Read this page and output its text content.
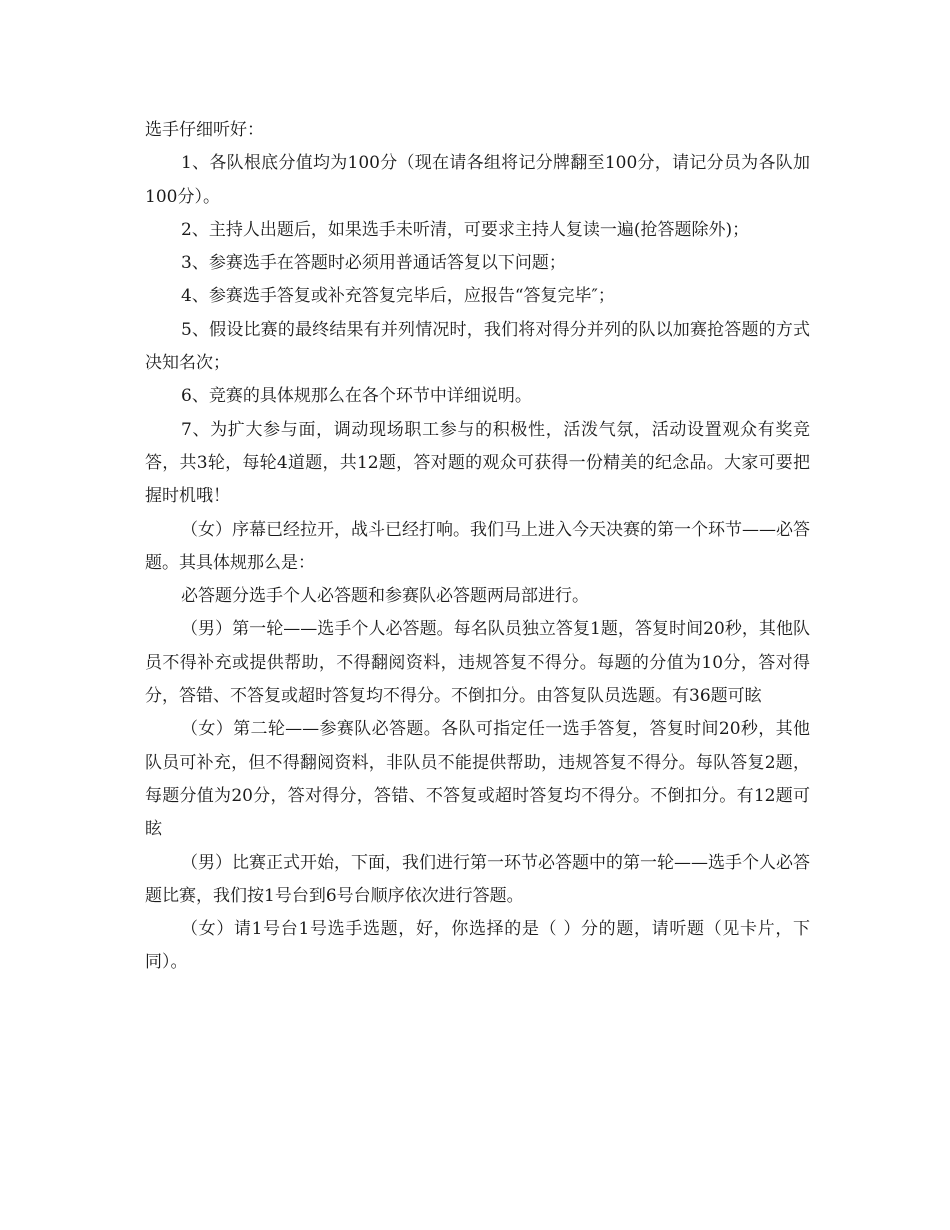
选手仔细听好：

1、各队根底分值均为100分（现在请各组将记分牌翻至100分，请记分员为各队加100分）。

2、主持人出题后，如果选手未听清，可要求主持人复读一遍(抢答题除外)；

3、参赛选手在答题时必须用普通话答复以下问题；

4、参赛选手答复或补充答复完毕后，应报告“答复完毕″；

5、假设比赛的最终结果有并列情况时，我们将对得分并列的队以加赛抢答题的方式决知名次；

6、竞赛的具体规那么在各个环节中详细说明。

7、为扩大参与面，调动现场职工参与的积极性，活泼气氛，活动设置观众有奖竞答，共3轮，每轮4道题，共12题，答对题的观众可获得一份精美的纪念品。大家可要把握时机哦！

（女）序幕已经拉开，战斗已经打响。我们马上进入今天决赛的第一个环节——必答题。其具体规那么是：

必答题分选手个人必答题和参赛队必答题两局部进行。

（男）第一轮——选手个人必答题。每名队员独立答复1题，答复时间20秒，其他队员不得补充或提供帮助，不得翻阅资料，违规答复不得分。每题的分值为10分，答对得分，答错、不答复或超时答复均不得分。不倒扣分。由答复队员选题。有36题可眩

（女）第二轮——参赛队必答题。各队可指定任一选手答复，答复时间20秒，其他队员可补充，但不得翻阅资料，非队员不能提供帮助，违规答复不得分。每队答复2题，每题分值为20分，答对得分，答错、不答复或超时答复均不得分。不倒扣分。有12题可眩

（男）比赛正式开始，下面，我们进行第一环节必答题中的第一轮——选手个人必答题比赛，我们按1号台到6号台顺序依次进行答题。

（女）请1号台1号选手选题，好，你选择的是（ ）分的题，请听题（见卡片，下同）。
